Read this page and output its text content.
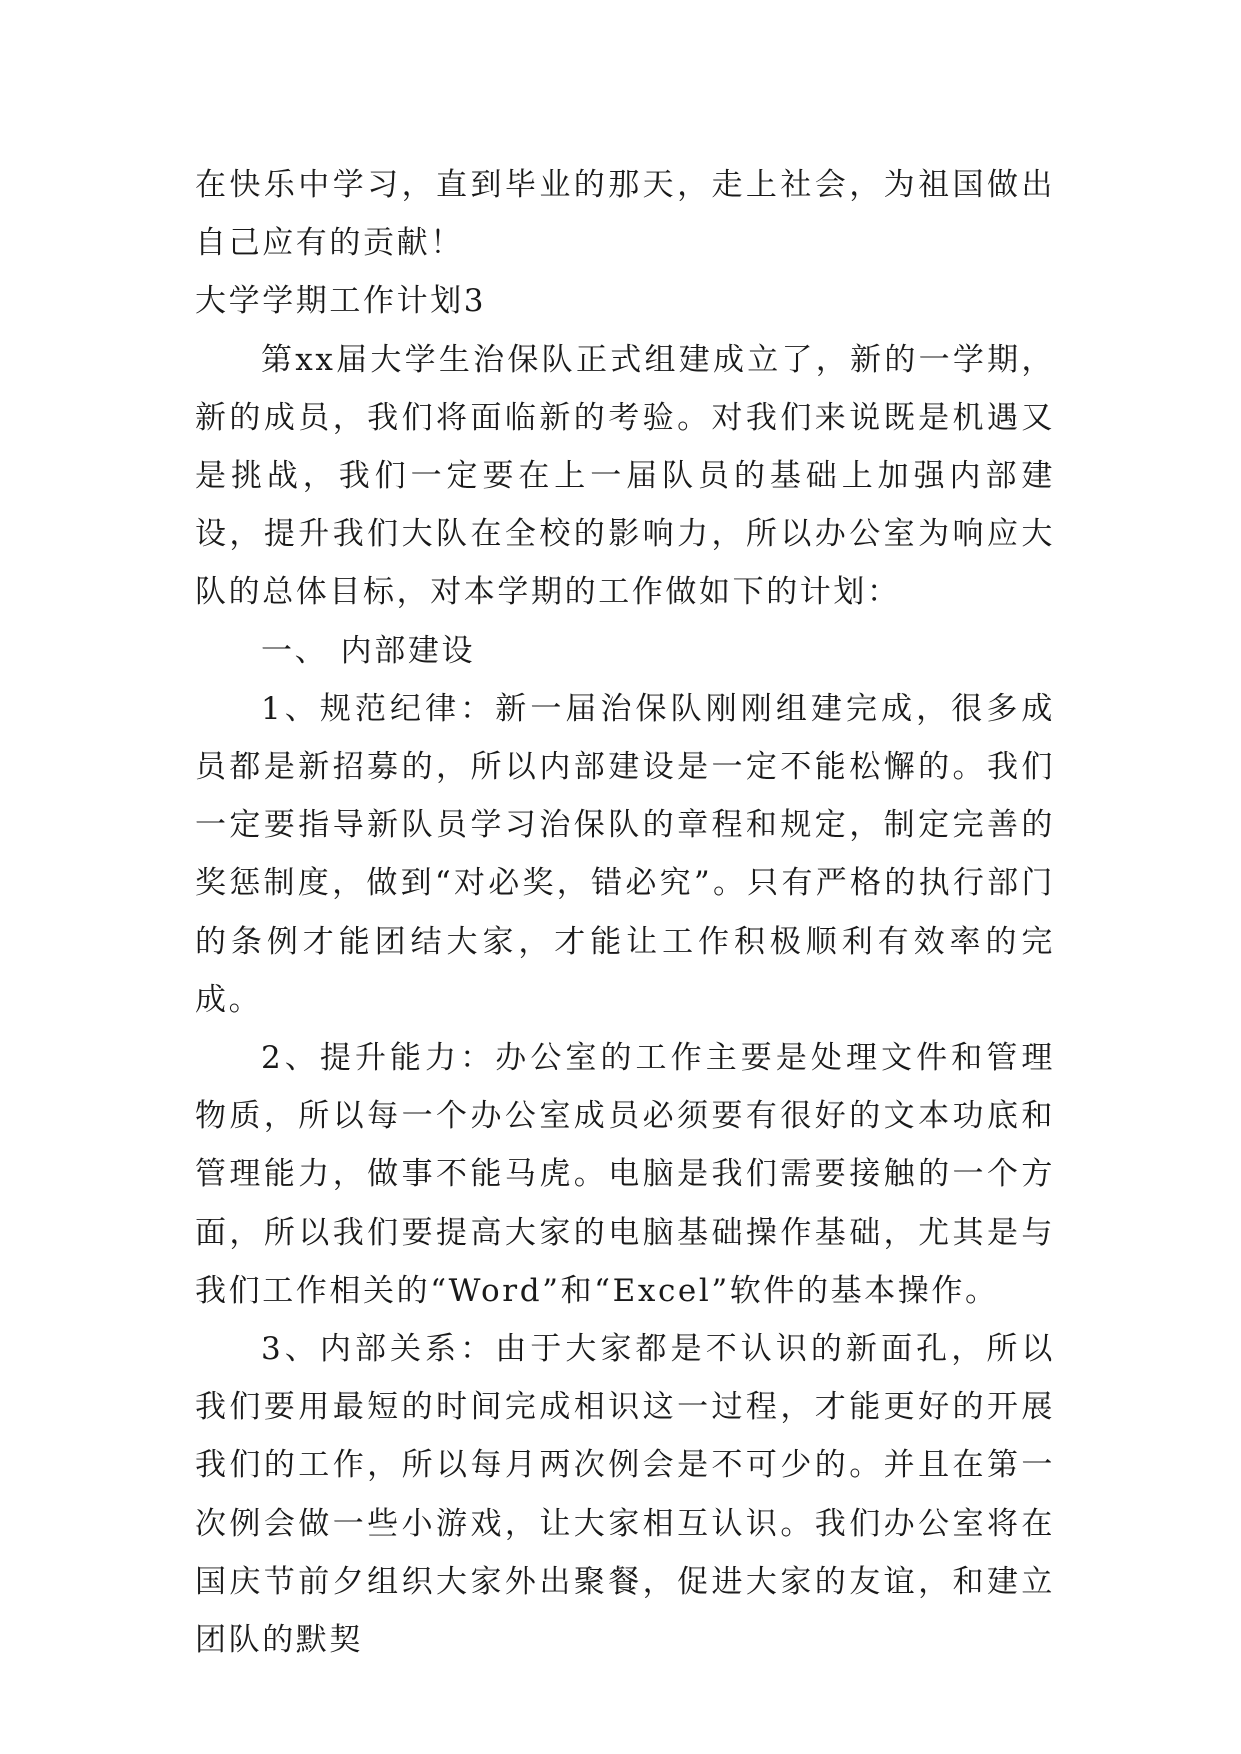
在快乐中学习，直到毕业的那天，走上社会，为祖国做出自己应有的贡献！

大学学期工作计划3

第xx届大学生治保队正式组建成立了，新的一学期，新的成员，我们将面临新的考验。对我们来说既是机遇又是挑战，我们一定要在上一届队员的基础上加强内部建设，提升我们大队在全校的影响力，所以办公室为响应大队的总体目标，对本学期的工作做如下的计划：

一、 内部建设

1、规范纪律：新一届治保队刚刚组建完成，很多成员都是新招募的，所以内部建设是一定不能松懈的。我们一定要指导新队员学习治保队的章程和规定，制定完善的奖惩制度，做到“对必奖，错必究”。只有严格的执行部门的条例才能团结大家，才能让工作积极顺利有效率的完成。

2、提升能力：办公室的工作主要是处理文件和管理物质，所以每一个办公室成员必须要有很好的文本功底和管理能力，做事不能马虎。电脑是我们需要接触的一个方面，所以我们要提高大家的电脑基础操作基础，尤其是与我们工作相关的“Word”和“Excel”软件的基本操作。

3、内部关系：由于大家都是不认识的新面孔，所以我们要用最短的时间完成相识这一过程，才能更好的开展我们的工作，所以每月两次例会是不可少的。并且在第一次例会做一些小游戏，让大家相互认识。我们办公室将在国庆节前夕组织大家外出聚餐，促进大家的友谊，和建立团队的默契
